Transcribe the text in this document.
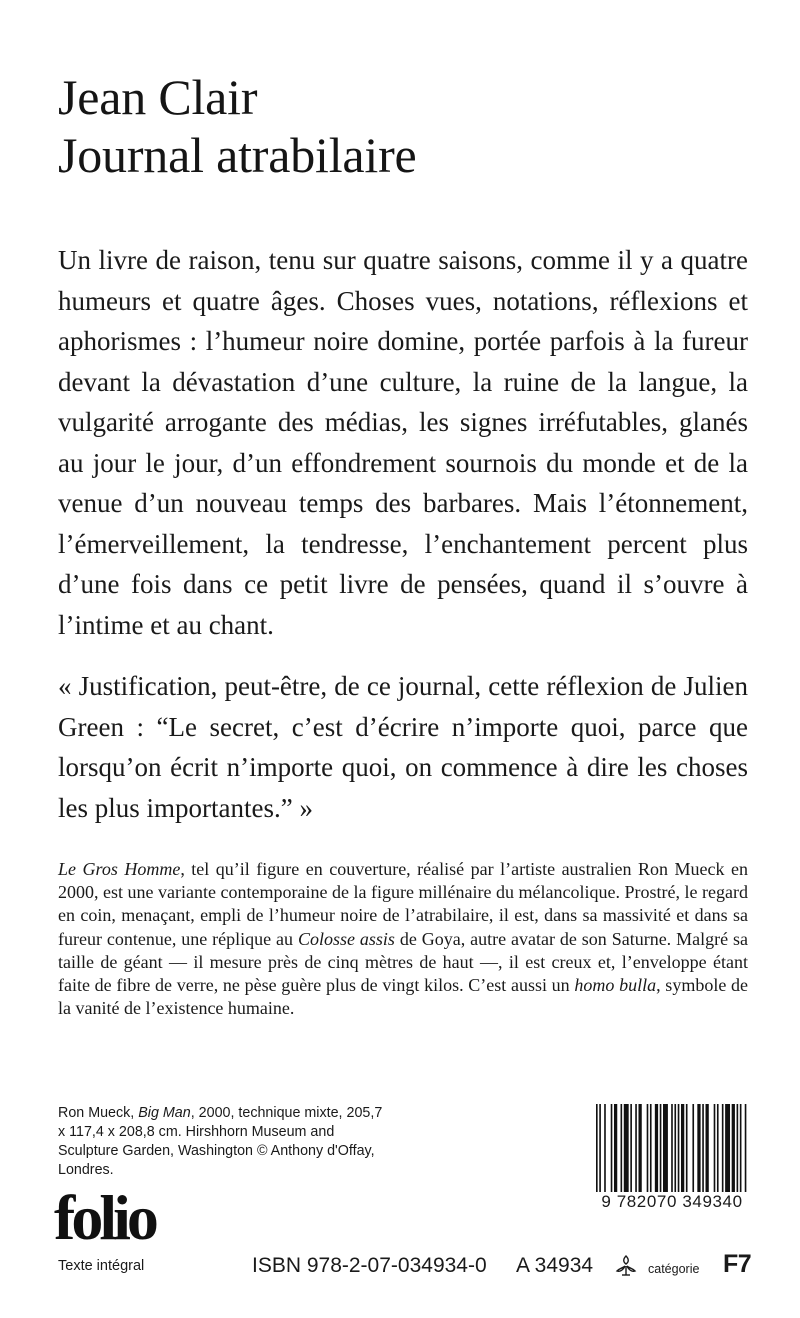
Jean Clair
Journal atrabilaire
Un livre de raison, tenu sur quatre saisons, comme il y a quatre humeurs et quatre âges. Choses vues, notations, réflexions et aphorismes : l’humeur noire domine, portée parfois à la fureur devant la dévastation d’une culture, la ruine de la langue, la vulgarité arrogante des médias, les signes irréfutables, glanés au jour le jour, d’un effondrement sournois du monde et de la venue d’un nouveau temps des barbares. Mais l’étonnement, l’émerveillement, la tendresse, l’enchantement percent plus d’une fois dans ce petit livre de pensées, quand il s’ouvre à l’intime et au chant.
« Justification, peut-être, de ce journal, cette réflexion de Julien Green : “Le secret, c’est d’écrire n’importe quoi, parce que lorsqu’on écrit n’importe quoi, on commence à dire les choses les plus importantes.” »
Le Gros Homme, tel qu’il figure en couverture, réalisé par l’artiste australien Ron Mueck en 2000, est une variante contemporaine de la figure millénaire du mélancolique. Prostré, le regard en coin, menaçant, empli de l’humeur noire de l’atrabilaire, il est, dans sa massivité et dans sa fureur contenue, une réplique au Colosse assis de Goya, autre avatar de son Saturne. Malgré sa taille de géant — il mesure près de cinq mètres de haut —, il est creux et, l’enveloppe étant faite de fibre de verre, ne pèse guère plus de vingt kilos. C’est aussi un homo bulla, symbole de la vanité de l’existence humaine.
Ron Mueck, Big Man, 2000, technique mixte, 205,7 x 117,4 x 208,8 cm. Hirshhorn Museum and Sculpture Garden, Washington © Anthony d'Offay, Londres.
9 782070 349340
folio
Texte intégral	ISBN 978-2-07-034934-0 A 34934	catégorie F7
